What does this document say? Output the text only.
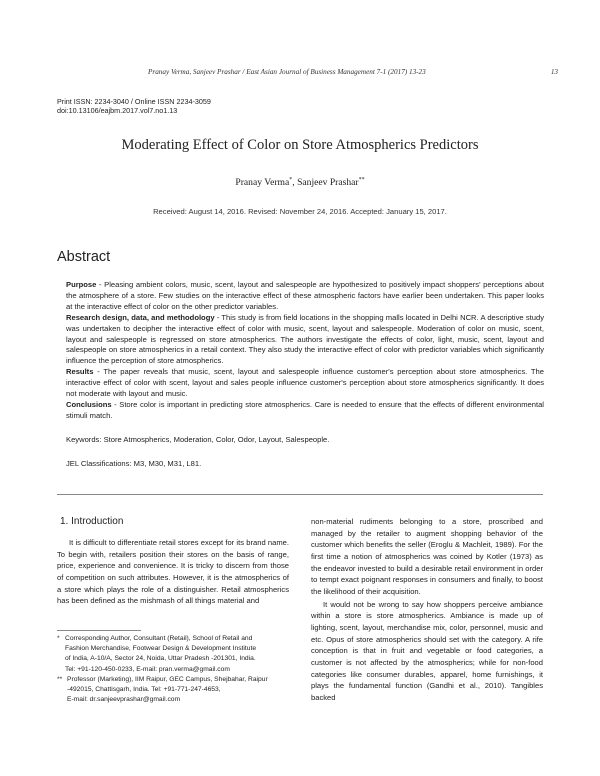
Pranay Verma, Sanjeev Prashar / East Asian Journal of Business Management 7-1 (2017) 13-23	13
Print ISSN: 2234-3040 / Online ISSN 2234-3059
doi:10.13106/eajbm.2017.vol7.no1.13
Moderating Effect of Color on Store Atmospherics Predictors
Pranay Verma*, Sanjeev Prashar**
Received: August 14, 2016. Revised: November 24, 2016. Accepted: January 15, 2017.
Abstract

Purpose - Pleasing ambient colors, music, scent, layout and salespeople are hypothesized to positively impact shoppers' perceptions about the atmosphere of a store. Few studies on the interactive effect of these atmospheric factors have earlier been undertaken. This paper looks at the interactive effect of color on the other predictor variables.

Research design, data, and methodology - This study is from field locations in the shopping malls located in Delhi NCR. A descriptive study was undertaken to decipher the interactive effect of color with music, scent, layout and salespeople. Moderation of color on music, scent, layout and salespeople is regressed on store atmospherics. The authors investigate the effects of color, light, music, scent, layout and salespeople on store atmospherics in a retail context. They also study the interactive effect of color with predictor variables which significantly influence the perception of store atmospherics.

Results - The paper reveals that music, scent, layout and salespeople influence customer's perception about store atmospherics. The interactive effect of color with scent, layout and sales people influence customer's perception about store atmospherics significantly. It does not moderate with layout and music.

Conclusions - Store color is important in predicting store atmospherics. Care is needed to ensure that the effects of different environmental stimuli match.

Keywords: Store Atmospherics, Moderation, Color, Odor, Layout, Salespeople.
JEL Classifications: M3, M30, M31, L81.
1. Introduction

It is difficult to differentiate retail stores except for its brand name. To begin with, retailers position their stores on the basis of range, price, experience and convenience. It is tricky to discern from those of competition on such attributes. However, it is the atmospherics of a store which plays the role of a distinguisher. Retail atmospherics has been defined as the mishmash of all things material and

non-material rudiments belonging to a store, proscribed and managed by the retailer to augment shopping behavior of the customer which benefits the seller (Eroglu & Machleit, 1989). For the first time a notion of atmospherics was coined by Kotler (1973) as the endeavor invested to build a desirable retail environment in order to tempt exact poignant responses in consumers and finally, to boost the likelihood of their acquisition.

It would not be wrong to say how shoppers perceive ambiance within a store is store atmospherics. Ambiance is made up of lighting, scent, layout, merchandise mix, color, personnel, music and etc. Opus of store atmospherics should set with the category. A rife conception is that in fruit and vegetable or food categories, a customer is not affected by the atmospherics; while for non-food categories like consumer durables, apparel, home furnishings, it plays the fundamental function (Gandhi et al., 2010). Tangibles backed

* Corresponding Author, Consultant (Retail), School of Retail and
Fashion Merchandise, Footwear Design & Development Institute
of India, A-10/A, Sector 24, Noida, Uttar Pradesh -201301, India.
Tel: +91-120-450-0233, E-mail: pran.verma@gmail.com
** Professor (Marketing), IIM Raipur, GEC Campus, Shejbahar, Raipur
-492015, Chattisgarh, India. Tel: +91-771-247-4653,
E-mail: dr.sanjeevprashar@gmail.com
